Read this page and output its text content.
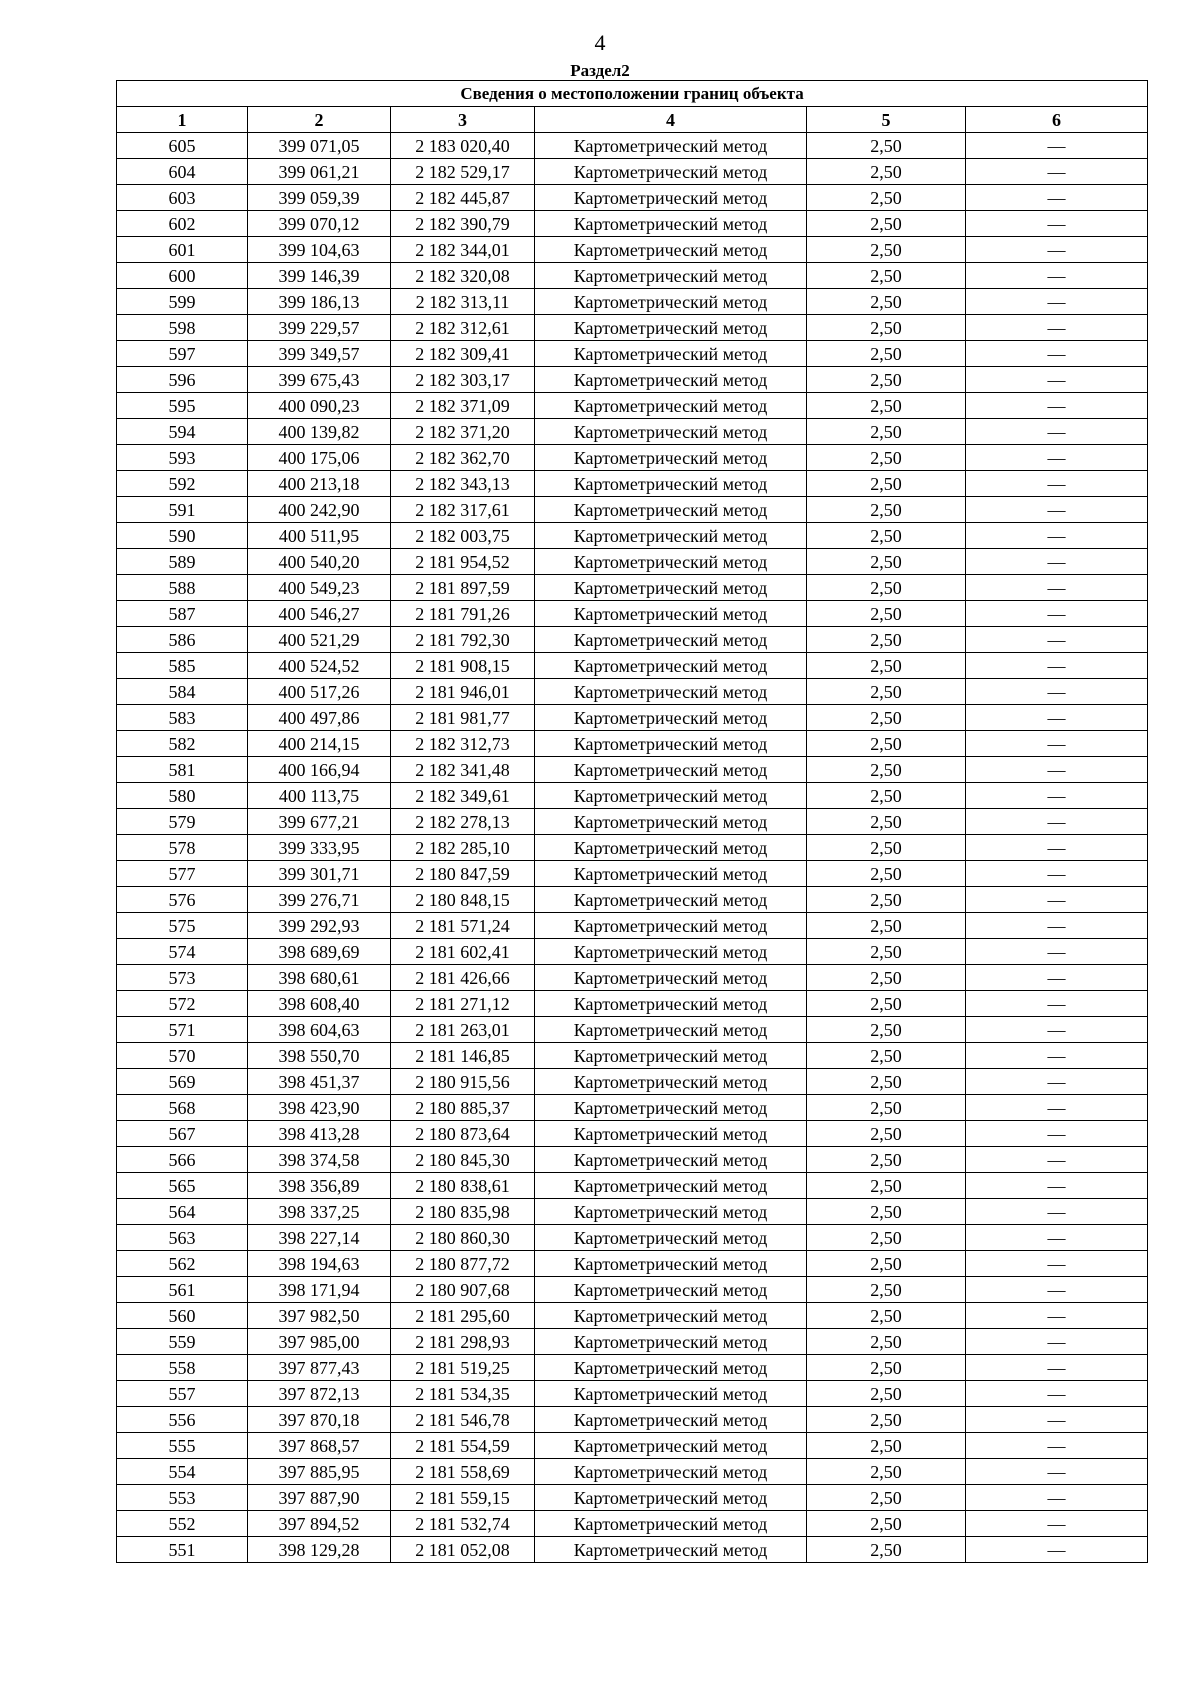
4
Раздел2
Сведения о местоположении границ объекта					
1	2	3	4	5	6
605	399 071,05	2 183 020,40	Картометрический метод	2,50	—
604	399 061,21	2 182 529,17	Картометрический метод	2,50	—
603	399 059,39	2 182 445,87	Картометрический метод	2,50	—
602	399 070,12	2 182 390,79	Картометрический метод	2,50	—
601	399 104,63	2 182 344,01	Картометрический метод	2,50	—
600	399 146,39	2 182 320,08	Картометрический метод	2,50	—
599	399 186,13	2 182 313,11	Картометрический метод	2,50	—
598	399 229,57	2 182 312,61	Картометрический метод	2,50	—
597	399 349,57	2 182 309,41	Картометрический метод	2,50	—
596	399 675,43	2 182 303,17	Картометрический метод	2,50	—
595	400 090,23	2 182 371,09	Картометрический метод	2,50	—
594	400 139,82	2 182 371,20	Картометрический метод	2,50	—
593	400 175,06	2 182 362,70	Картометрический метод	2,50	—
592	400 213,18	2 182 343,13	Картометрический метод	2,50	—
591	400 242,90	2 182 317,61	Картометрический метод	2,50	—
590	400 511,95	2 182 003,75	Картометрический метод	2,50	—
589	400 540,20	2 181 954,52	Картометрический метод	2,50	—
588	400 549,23	2 181 897,59	Картометрический метод	2,50	—
587	400 546,27	2 181 791,26	Картометрический метод	2,50	—
586	400 521,29	2 181 792,30	Картометрический метод	2,50	—
585	400 524,52	2 181 908,15	Картометрический метод	2,50	—
584	400 517,26	2 181 946,01	Картометрический метод	2,50	—
583	400 497,86	2 181 981,77	Картометрический метод	2,50	—
582	400 214,15	2 182 312,73	Картометрический метод	2,50	—
581	400 166,94	2 182 341,48	Картометрический метод	2,50	—
580	400 113,75	2 182 349,61	Картометрический метод	2,50	—
579	399 677,21	2 182 278,13	Картометрический метод	2,50	—
578	399 333,95	2 182 285,10	Картометрический метод	2,50	—
577	399 301,71	2 180 847,59	Картометрический метод	2,50	—
576	399 276,71	2 180 848,15	Картометрический метод	2,50	—
575	399 292,93	2 181 571,24	Картометрический метод	2,50	—
574	398 689,69	2 181 602,41	Картометрический метод	2,50	—
573	398 680,61	2 181 426,66	Картометрический метод	2,50	—
572	398 608,40	2 181 271,12	Картометрический метод	2,50	—
571	398 604,63	2 181 263,01	Картометрический метод	2,50	—
570	398 550,70	2 181 146,85	Картометрический метод	2,50	—
569	398 451,37	2 180 915,56	Картометрический метод	2,50	—
568	398 423,90	2 180 885,37	Картометрический метод	2,50	—
567	398 413,28	2 180 873,64	Картометрический метод	2,50	—
566	398 374,58	2 180 845,30	Картометрический метод	2,50	—
565	398 356,89	2 180 838,61	Картометрический метод	2,50	—
564	398 337,25	2 180 835,98	Картометрический метод	2,50	—
563	398 227,14	2 180 860,30	Картометрический метод	2,50	—
562	398 194,63	2 180 877,72	Картометрический метод	2,50	—
561	398 171,94	2 180 907,68	Картометрический метод	2,50	—
560	397 982,50	2 181 295,60	Картометрический метод	2,50	—
559	397 985,00	2 181 298,93	Картометрический метод	2,50	—
558	397 877,43	2 181 519,25	Картометрический метод	2,50	—
557	397 872,13	2 181 534,35	Картометрический метод	2,50	—
556	397 870,18	2 181 546,78	Картометрический метод	2,50	—
555	397 868,57	2 181 554,59	Картометрический метод	2,50	—
554	397 885,95	2 181 558,69	Картометрический метод	2,50	—
553	397 887,90	2 181 559,15	Картометрический метод	2,50	—
552	397 894,52	2 181 532,74	Картометрический метод	2,50	—
551	398 129,28	2 181 052,08	Картометрический метод	2,50	—
